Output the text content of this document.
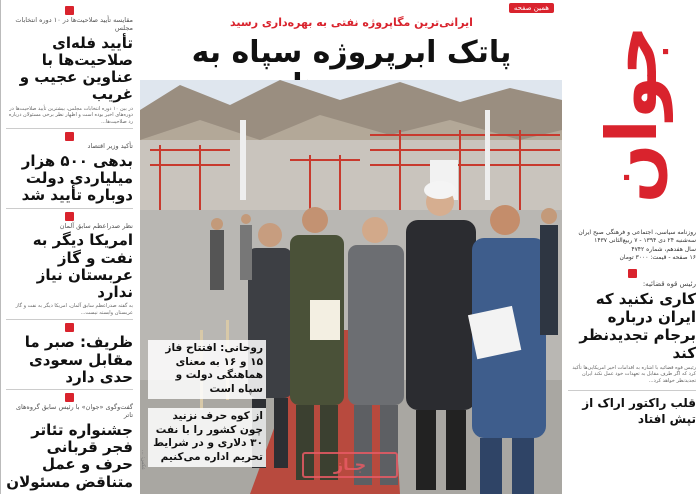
مقایسه تأیید صلاحیت‌ها در ۱۰ دوره انتخابات مجلس
تأیید فله‌ای صلاحیت‌ها با عناوین عجیب و غریب
در بین ۱۰ دوره انتخابات مجلس، بیشترین تأیید صلاحیت‌ها در دوره‌های اخیر بوده است و اظهار نظر برخی مسئولان درباره رد صلاحیت‌ها...
تأکید وزیر اقتصاد
بدهی ۵۰۰ هزار میلیاردی دولت دوباره تأیید شد
نظر صدراعظم سابق آلمان
امریکا دیگر به نفت و گاز عربستان نیاز ندارد
به گفته صدراعظم سابق آلمان، امریکا دیگر به نفت و گاز عربستان وابسته نیست...
ظریف: صبر ما مقابل سعودی حدی دارد
گفت‌وگوی «جوان» با رئیس سابق گروه‌های تاتر
جشنواره تئاتر فجر قربانی حرف و عمل متناقض مسئولان
همین صفحه
ایرانی‌ترین مگاپروژه نفتی به بهره‌داری رسید
پاتک ابرپروژه سپاه به
روحانی: افتتاح فاز ۱۵ و ۱۶ به معنای هماهنگی دولت و سپاه است
از کوه حرف نزنید چون کشور را با نفت ۳۰ دلاری و در شرایط تحریم اداره می‌کنیم	جـاز
عکس: ...
جوان
روزنامه سیاسی، اجتماعی و فرهنگی صبح ایران
سه‌شنبه ۲۴ دی ۱۳۹۴ - ۷ ربیع‌الثانی ۱۴۳۷
سال هفدهم، شماره ۴۷۴۲
۱۶ صفحه - قیمت: ۳۰۰۰ تومان
رئیس قوه قضائیه:
کاری نکنید که ایران درباره برجام تجدیدنظر کند
رئیس قوه قضائیه با اشاره به اقدامات اخیر امریکایی‌ها تأکید کرد که اگر طرف مقابل به تعهدات خود عمل نکند ایران تجدیدنظر خواهد کرد...
قلب راکتور اراک از تپش افتاد
